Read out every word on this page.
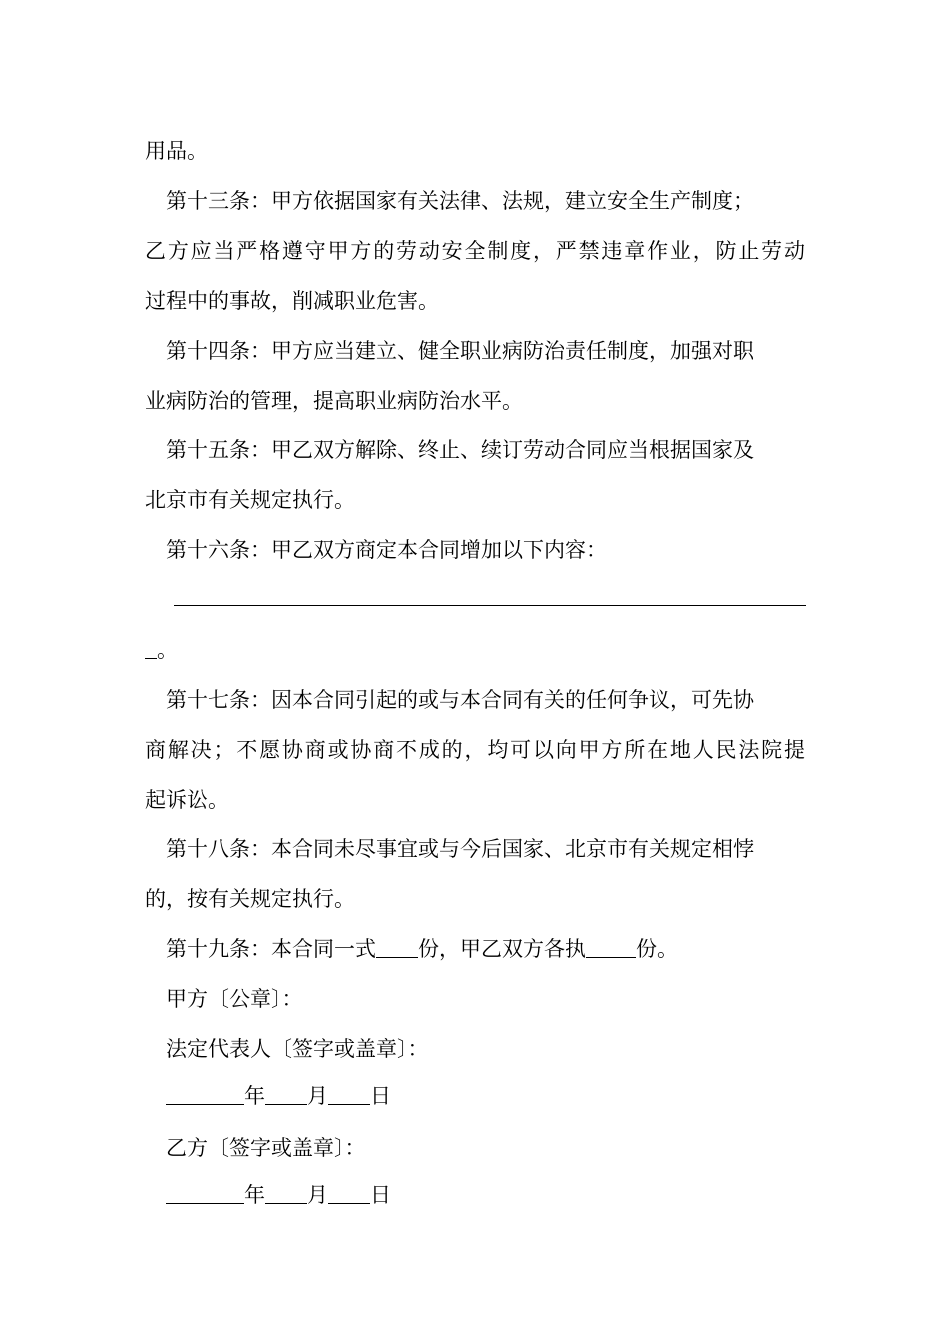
用品。
第十三条：甲方依据国家有关法律、法规，建立安全生产制度；
乙方应当严格遵守甲方的劳动安全制度，严禁违章作业，防止劳动
过程中的事故，削减职业危害。
第十四条：甲方应当建立、健全职业病防治责任制度，加强对职
业病防治的管理，提高职业病防治水平。
第十五条：甲乙双方解除、终止、续订劳动合同应当根据国家及
北京市有关规定执行。
第十六条：甲乙双方商定本合同增加以下内容：
。
第十七条：因本合同引起的或与本合同有关的任何争议，可先协
商解决；不愿协商或协商不成的，均可以向甲方所在地人民法院提
起诉讼。
第十八条：本合同未尽事宜或与今后国家、北京市有关规定相悖
的，按有关规定执行。
第十九条：本合同一式 份，甲乙双方各执 份。
甲方〔公章〕：
法定代表人〔签字或盖章〕：
年 月 日
乙方〔签字或盖章〕：
年 月 日
